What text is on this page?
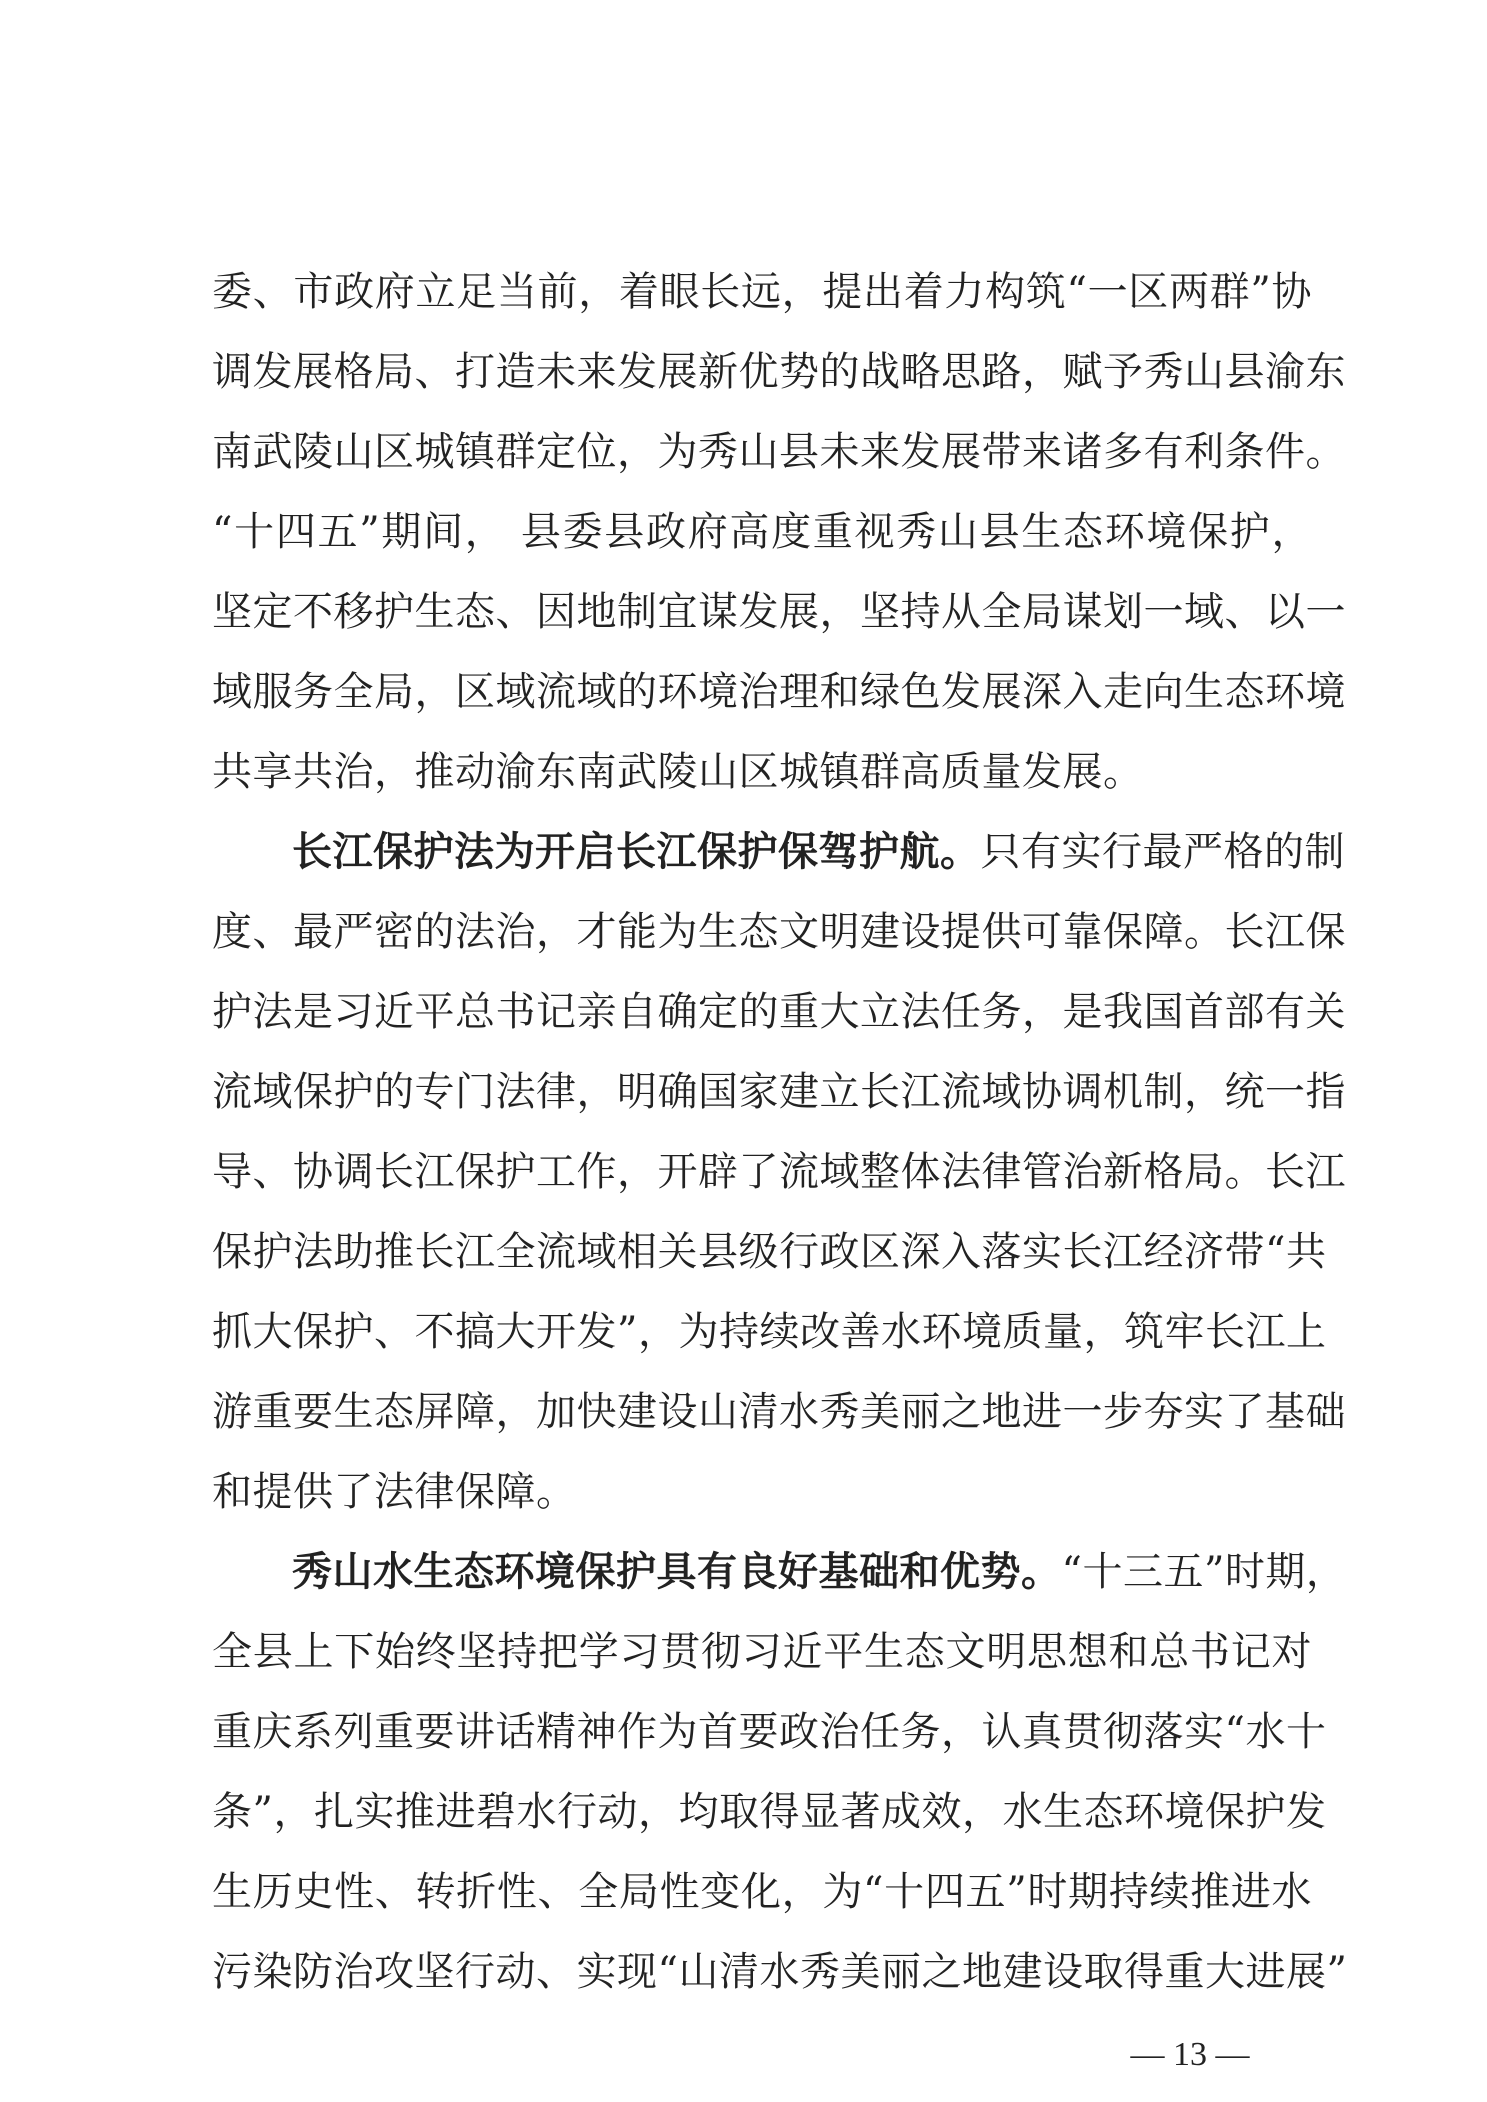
委、市政府立足当前，着眼长远，提出着力构筑“一区两群”协
调发展格局、打造未来发展新优势的战略思路，赋予秀山县渝东
南武陵山区城镇群定位，为秀山县未来发展带来诸多有利条件。
“十四五”期间， 县委县政府高度重视秀山县生态环境保护，
坚定不移护生态、因地制宜谋发展，坚持从全局谋划一域、以一
域服务全局，区域流域的环境治理和绿色发展深入走向生态环境
共享共治，推动渝东南武陵山区城镇群高质量发展。
长江保护法为开启长江保护保驾护航。只有实行最严格的制
度、最严密的法治，才能为生态文明建设提供可靠保障。长江保
护法是习近平总书记亲自确定的重大立法任务，是我国首部有关
流域保护的专门法律，明确国家建立长江流域协调机制，统一指
导、协调长江保护工作，开辟了流域整体法律管治新格局。长江
保护法助推长江全流域相关县级行政区深入落实长江经济带“共
抓大保护、不搞大开发”，为持续改善水环境质量，筑牢长江上
游重要生态屏障，加快建设山清水秀美丽之地进一步夯实了基础
和提供了法律保障。
秀山水生态环境保护具有良好基础和优势。“十三五”时期，
全县上下始终坚持把学习贯彻习近平生态文明思想和总书记对
重庆系列重要讲话精神作为首要政治任务，认真贯彻落实“水十
条”，扎实推进碧水行动，均取得显著成效，水生态环境保护发
生历史性、转折性、全局性变化，为“十四五”时期持续推进水
污染防治攻坚行动、实现“山清水秀美丽之地建设取得重大进展”
— 13 —
